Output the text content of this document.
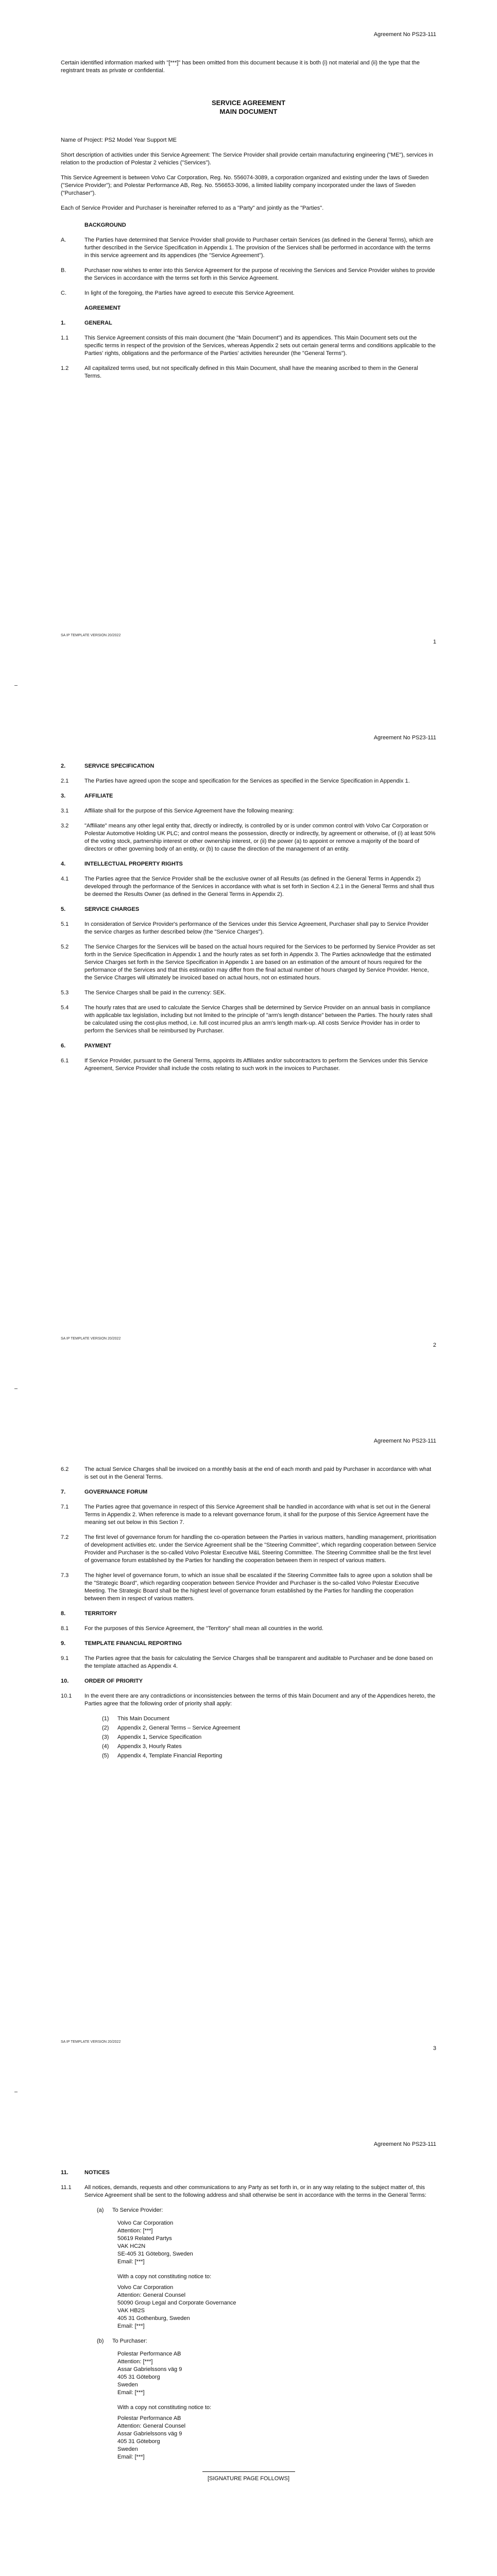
Agreement No PS23-111
Certain identified information marked with "[***]" has been omitted from this document because it is both (i) not material and (ii) the type that the registrant treats as private or confidential.
SERVICE AGREEMENT
MAIN DOCUMENT

Name of Project: PS2 Model Year Support ME

Short description of activities under this Service Agreement: The Service Provider shall provide certain manufacturing engineering ("ME"), services in relation to the production of Polestar 2 vehicles ("Services").

This Service Agreement is between Volvo Car Corporation, Reg. No. 556074-3089, a corporation organized and existing under the laws of Sweden ("Service Provider"); and Polestar Performance AB, Reg. No. 556653-3096, a limited liability company incorporated under the laws of Sweden ("Purchaser").

Each of Service Provider and Purchaser is hereinafter referred to as a "Party" and jointly as the "Parties".

BACKGROUND
A.	The Parties have determined that Service Provider shall provide to Purchaser certain Services (as defined in the General Terms), which are further described in the Service Specification in Appendix 1. The provision of the Services shall be performed in accordance with the terms in this service agreement and its appendices (the "Service Agreement").
B.	Purchaser now wishes to enter into this Service Agreement for the purpose of receiving the Services and Service Provider wishes to provide the Services in accordance with the terms set forth in this Service Agreement.
C.	In light of the foregoing, the Parties have agreed to execute this Service Agreement.
AGREEMENT
1.	GENERAL
1.1	This Service Agreement consists of this main document (the "Main Document") and its appendices. This Main Document sets out the specific terms in respect of the provision of the Services, whereas Appendix 2 sets out certain general terms and conditions applicable to the Parties' rights, obligations and the performance of the Parties' activities hereunder (the "General Terms").
1.2	All capitalized terms used, but not specifically defined in this Main Document, shall have the meaning ascribed to them in the General Terms.
SA IP TEMPLATE VERSION 20/2022
1
Agreement No PS23-111
2.	SERVICE SPECIFICATION
2.1	The Parties have agreed upon the scope and specification for the Services as specified in the Service Specification in Appendix 1.
3.	AFFILIATE
3.1	Affiliate shall for the purpose of this Service Agreement have the following meaning:
3.2	"Affiliate" means any other legal entity that, directly or indirectly, is controlled by or is under common control with Volvo Car Corporation or Polestar Automotive Holding UK PLC; and control means the possession, directly or indirectly, by agreement or otherwise, of (i) at least 50% of the voting stock, partnership interest or other ownership interest, or (ii) the power (a) to appoint or remove a majority of the board of directors or other governing body of an entity, or (b) to cause the direction of the management of an entity.
4.	INTELLECTUAL PROPERTY RIGHTS
4.1	The Parties agree that the Service Provider shall be the exclusive owner of all Results (as defined in the General Terms in Appendix 2) developed through the performance of the Services in accordance with what is set forth in Section 4.2.1 in the General Terms and shall thus be deemed the Results Owner (as defined in the General Terms in Appendix 2).
5.	SERVICE CHARGES
5.1	In consideration of Service Provider's performance of the Services under this Service Agreement, Purchaser shall pay to Service Provider the service charges as further described below (the "Service Charges").
5.2	The Service Charges for the Services will be based on the actual hours required for the Services to be performed by Service Provider as set forth in the Service Specification in Appendix 1 and the hourly rates as set forth in Appendix 3. The Parties acknowledge that the estimated Service Charges set forth in the Service Specification in Appendix 1 are based on an estimation of the amount of hours required for the performance of the Services and that this estimation may differ from the final actual number of hours charged by Service Provider. Hence, the Service Charges will ultimately be invoiced based on actual hours, not on estimated hours.
5.3	The Service Charges shall be paid in the currency: SEK.
5.4	The hourly rates that are used to calculate the Service Charges shall be determined by Service Provider on an annual basis in compliance with applicable tax legislation, including but not limited to the principle of "arm's length distance" between the Parties. The hourly rates shall be calculated using the cost-plus method, i.e. full cost incurred plus an arm's length mark-up. All costs Service Provider has in order to perform the Services shall be reimbursed by Purchaser.
6.	PAYMENT
6.1	If Service Provider, pursuant to the General Terms, appoints its Affiliates and/or subcontractors to perform the Services under this Service Agreement, Service Provider shall include the costs relating to such work in the invoices to Purchaser.
SA IP TEMPLATE VERSION 20/2022
2
Agreement No PS23-111
6.2	The actual Service Charges shall be invoiced on a monthly basis at the end of each month and paid by Purchaser in accordance with what is set out in the General Terms.
7.	GOVERNANCE FORUM
7.1	The Parties agree that governance in respect of this Service Agreement shall be handled in accordance with what is set out in the General Terms in Appendix 2. When reference is made to a relevant governance forum, it shall for the purpose of this Service Agreement have the meaning set out below in this Section 7.
7.2	The first level of governance forum for handling the co-operation between the Parties in various matters, handling management, prioritisation of development activities etc. under the Service Agreement shall be the "Steering Committee", which regarding cooperation between Service Provider and Purchaser is the so-called Volvo Polestar Executive M&L Steering Committee. The Steering Committee shall be the first level of governance forum established by the Parties for handling the cooperation between them in respect of various matters.
7.3	The higher level of governance forum, to which an issue shall be escalated if the Steering Committee fails to agree upon a solution shall be the "Strategic Board", which regarding cooperation between Service Provider and Purchaser is the so-called Volvo Polestar Executive Meeting. The Strategic Board shall be the highest level of governance forum established by the Parties for handling the cooperation between them in respect of various matters.
8.	TERRITORY
8.1	For the purposes of this Service Agreement, the "Territory" shall mean all countries in the world.
9.	TEMPLATE FINANCIAL REPORTING
9.1	The Parties agree that the basis for calculating the Service Charges shall be transparent and auditable to Purchaser and be done based on the template attached as Appendix 4.
10.	ORDER OF PRIORITY
10.1	In the event there are any contradictions or inconsistencies between the terms of this Main Document and any of the Appendices hereto, the Parties agree that the following order of priority shall apply:
(1)	This Main Document
(2)	Appendix 2, General Terms – Service Agreement
(3)	Appendix 1, Service Specification
(4)	Appendix 3, Hourly Rates
(5)	Appendix 4, Template Financial Reporting
SA IP TEMPLATE VERSION 20/2022
3
Agreement No PS23-111
11.	NOTICES
11.1	All notices, demands, requests and other communications to any Party as set forth in, or in any way relating to the subject matter of, this Service Agreement shall be sent to the following address and shall otherwise be sent in accordance with the terms in the General Terms:
(a)	To Service Provider:
Volvo Car Corporation
Attention: [***]
50619 Related Partys
VAK HC2N
SE-405 31 Göteborg, Sweden
Email: [***]
With a copy not constituting notice to:
Volvo Car Corporation
Attention: General Counsel
50090 Group Legal and Corporate Governance
VAK HB2S
405 31 Gothenburg, Sweden
Email: [***]
(b)	To Purchaser:
Polestar Performance AB
Attention: [***]
Assar Gabrielssons väg 9
405 31 Göteborg
Sweden
Email: [***]
With a copy not constituting notice to:
Polestar Performance AB
Attention: General Counsel
Assar Gabrielssons väg 9
405 31 Göteborg
Sweden
Email: [***]
[SIGNATURE PAGE FOLLOWS]
